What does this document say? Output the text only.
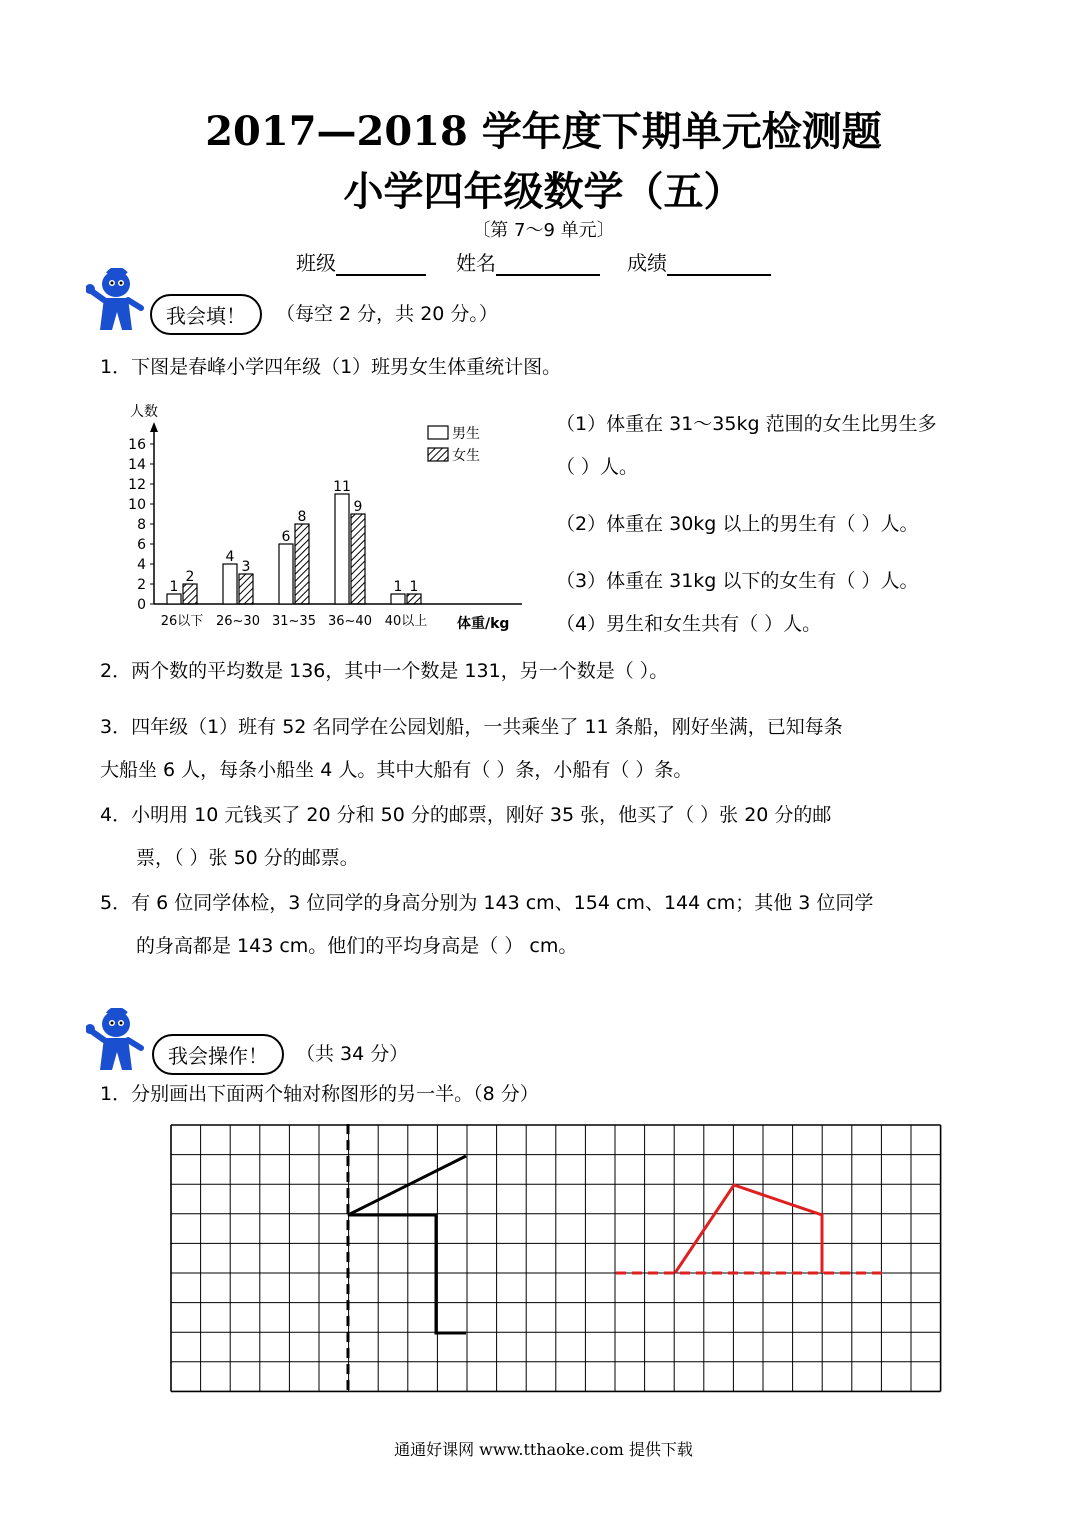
2017—2018 学年度下期单元检测题
小学四年级数学（五）
〔第 7～9 单元〕
班级	姓名	成绩
我会填！	（每空 2 分，共 20 分。）
1．下图是春峰小学四年级（1）班男女生体重统计图。
人数
体重/kg
0
2
4
6
8
10
12
14
16
1
2
4
3
6
8
11
9
1 1
26以下 26~30 31~35 36~40 40以上
男生
女生
（1）体重在 31～35kg 范围的女生比男生多
（ ）人。
（2）体重在 30kg 以上的男生有（ ）人。
（3）体重在 31kg 以下的女生有（ ）人。
（4）男生和女生共有（ ）人。
2．两个数的平均数是 136，其中一个数是 131，另一个数是（ ）。
3．四年级（1）班有 52 名同学在公园划船，一共乘坐了 11 条船，刚好坐满，已知每条
大船坐 6 人，每条小船坐 4 人。其中大船有（ ）条，小船有（ ）条。
4．小明用 10 元钱买了 20 分和 50 分的邮票，刚好 35 张，他买了（ ）张 20 分的邮
票，（ ）张 50 分的邮票。
5．有 6 位同学体检，3 位同学的身高分别为 143 cm、154 cm、144 cm；其他 3 位同学
的身高都是 143 cm。他们的平均身高是（ ） cm。
我会操作！	（共 34 分）
1．分别画出下面两个轴对称图形的另一半。（8 分）
通通好课网 www.tthaoke.com 提供下载
